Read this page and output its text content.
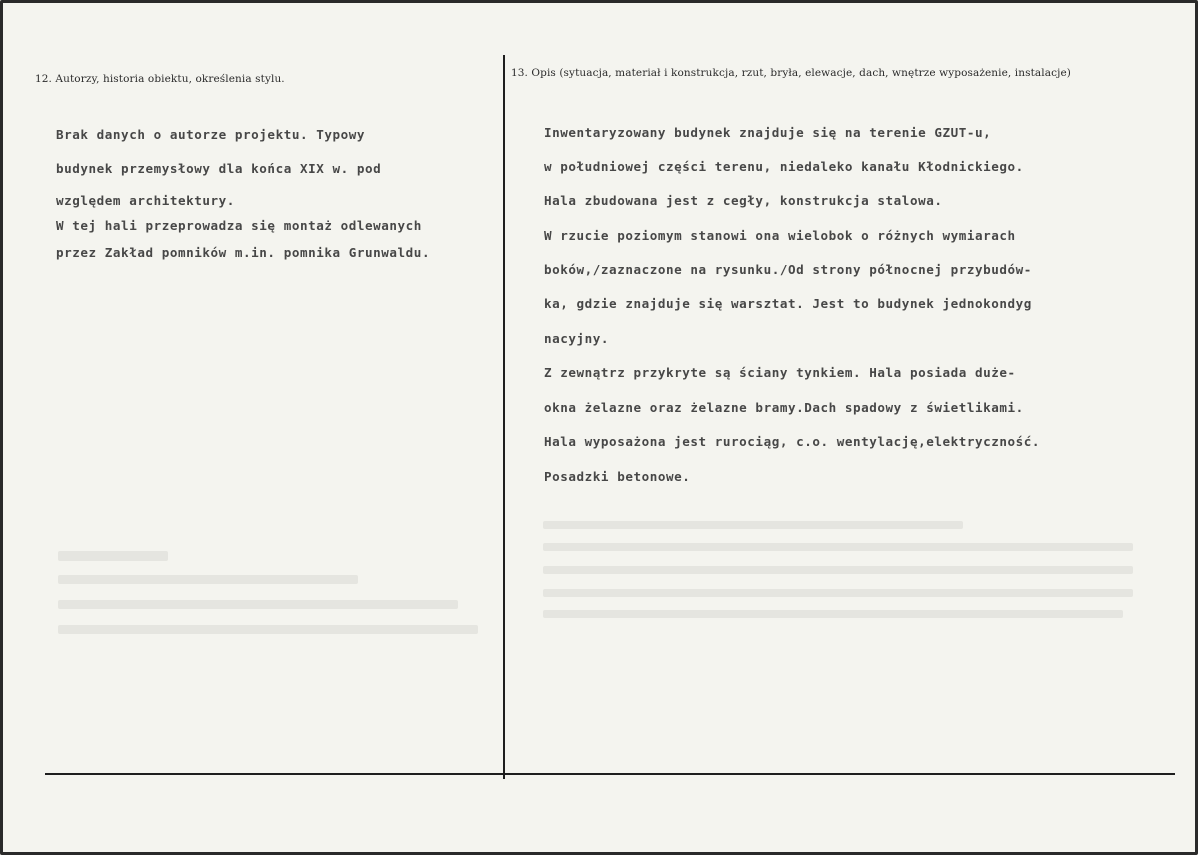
12. Autorzy, historia obiektu, określenia stylu.	13. Opis (sytuacja, materiał i konstrukcja, rzut, bryła, elewacje, dach, wnętrze wyposażenie, instalacje)
Brak danych o autorze projektu. Typowy
budynek przemysłowy dla końca XIX w. pod
względem architektury.
W tej hali przeprowadza się montaż odlewanych
przez Zakład pomników m.in. pomnika Grunwaldu.
Inwentaryzowany budynek znajduje się na terenie GZUT-u,
w południowej części terenu, niedaleko kanału Kłodnickiego.
Hala zbudowana jest z cegły, konstrukcja stalowa.
W rzucie poziomym stanowi ona wielobok o różnych wymiarach
boków,/zaznaczone na rysunku./Od strony północnej przybudów-
ka, gdzie znajduje się warsztat. Jest to budynek jednokondyg
nacyjny.
Z zewnątrz przykryte są ściany tynkiem. Hala posiada duże-
okna żelazne oraz żelazne bramy.Dach spadowy z świetlikami.
Hala wyposażona jest rurociąg, c.o. wentylację,elektryczność.
Posadzki betonowe.
